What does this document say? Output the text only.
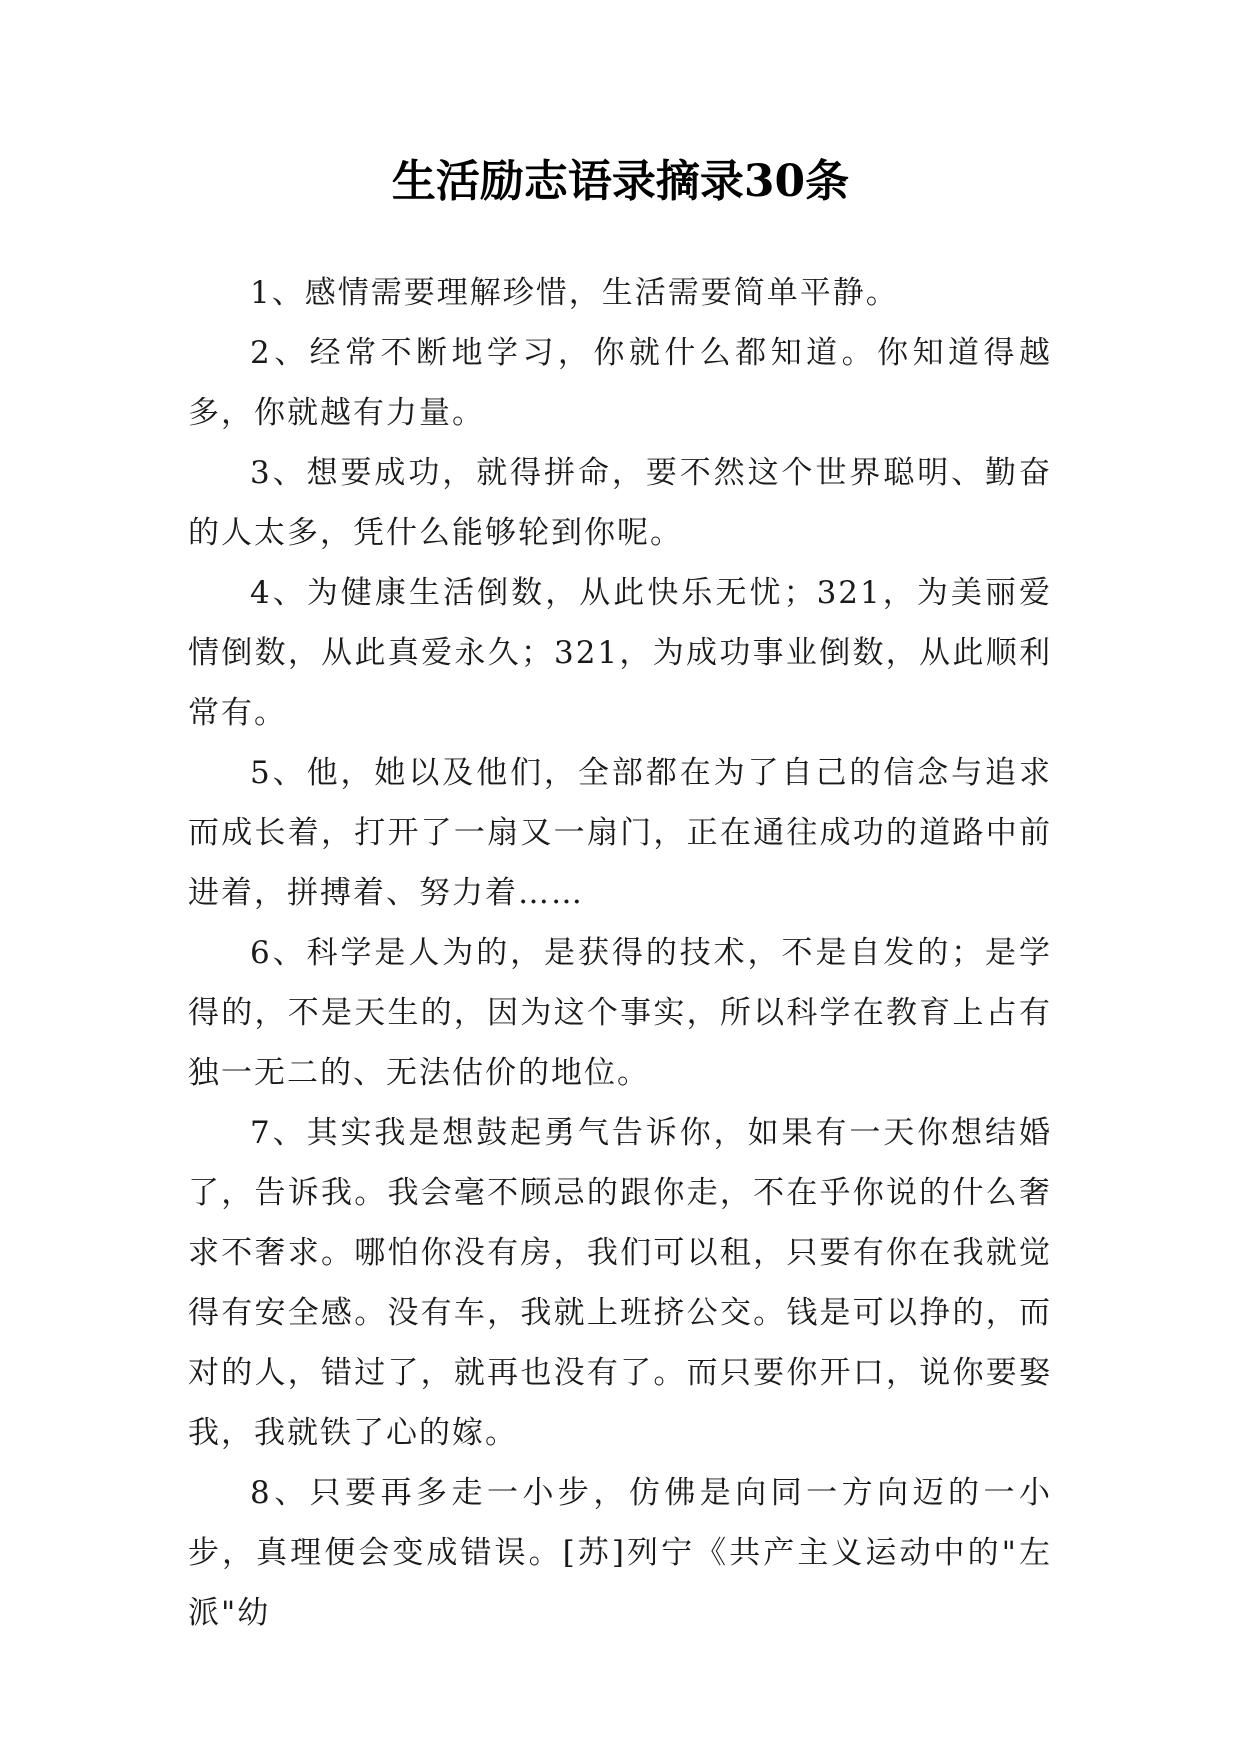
生活励志语录摘录30条

1、感情需要理解珍惜，生活需要简单平静。

2、经常不断地学习，你就什么都知道。你知道得越多，你就越有力量。

3、想要成功，就得拼命，要不然这个世界聪明、勤奋的人太多，凭什么能够轮到你呢。

4、为健康生活倒数，从此快乐无忧；321，为美丽爱情倒数，从此真爱永久；321，为成功事业倒数，从此顺利常有。

5、他，她以及他们，全部都在为了自己的信念与追求而成长着，打开了一扇又一扇门，正在通往成功的道路中前进着，拼搏着、努力着……

6、科学是人为的，是获得的技术，不是自发的；是学得的，不是天生的，因为这个事实，所以科学在教育上占有独一无二的、无法估价的地位。

7、其实我是想鼓起勇气告诉你，如果有一天你想结婚了，告诉我。我会毫不顾忌的跟你走，不在乎你说的什么奢求不奢求。哪怕你没有房，我们可以租，只要有你在我就觉得有安全感。没有车，我就上班挤公交。钱是可以挣的，而对的人，错过了，就再也没有了。而只要你开口，说你要娶我，我就铁了心的嫁。

8、只要再多走一小步，仿佛是向同一方向迈的一小步，真理便会变成错误。[苏]列宁《共产主义运动中的"左派"幼
